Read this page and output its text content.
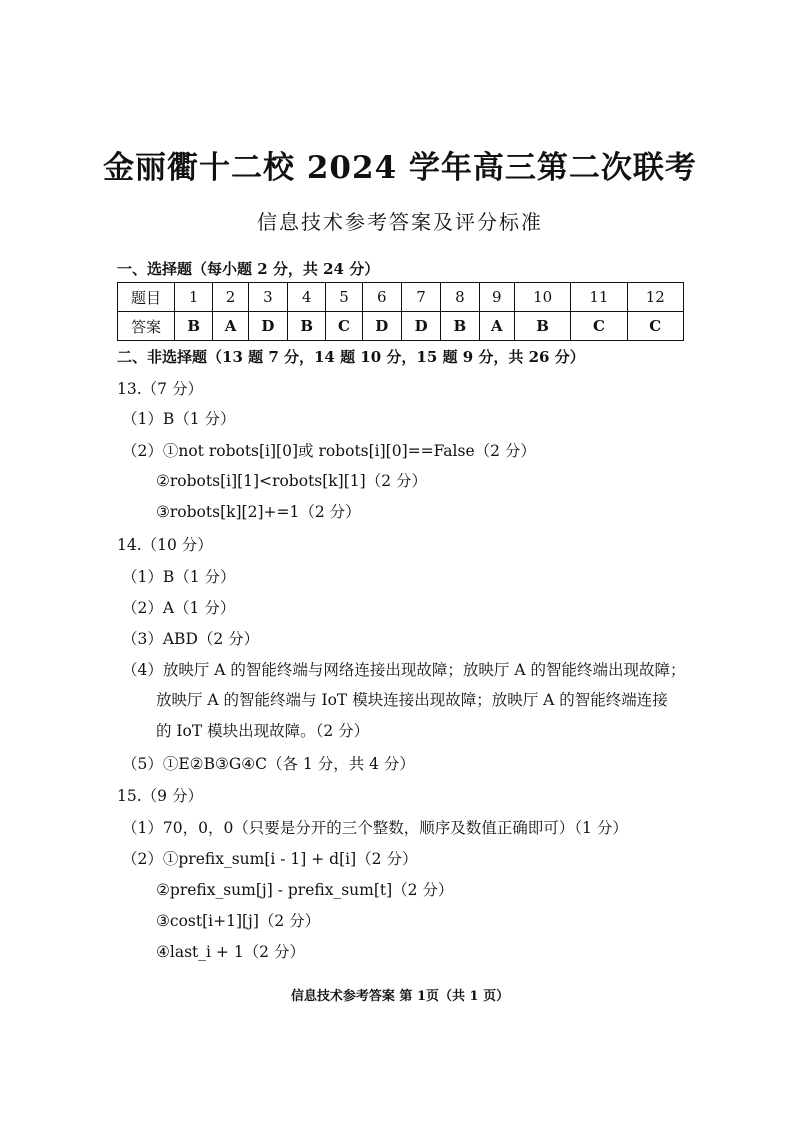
金丽衢十二校 2024 学年高三第二次联考
信息技术参考答案及评分标准
一、选择题（每小题 2 分，共 24 分）
题目	1	2	3	4	5	6	7	8	9	10	11	12
答案	B	A	D	B	C	D	D	B	A	B	C	C
二、非选择题（13 题 7 分，14 题 10 分，15 题 9 分，共 26 分）
13.（7 分）
（1）B（1 分）
（2）①not robots[i][0]或 robots[i][0]==False（2 分）
②robots[i][1]<robots[k][1]（2 分）
③robots[k][2]+=1（2 分）
14.（10 分）
（1）B（1 分）
（2）A（1 分）
（3）ABD（2 分）
（4）放映厅 A 的智能终端与网络连接出现故障；放映厅 A 的智能终端出现故障；
放映厅 A 的智能终端与 IoT 模块连接出现故障；放映厅 A 的智能终端连接
的 IoT 模块出现故障。（2 分）
（5）①E②B③G④C（各 1 分，共 4 分）
15.（9 分）
（1）70，0，0（只要是分开的三个整数，顺序及数值正确即可）（1 分）
（2）①prefix_sum[i - 1] + d[i]（2 分）
②prefix_sum[j] - prefix_sum[t]（2 分）
③cost[i+1][j]（2 分）
④last_i + 1（2 分）
信息技术参考答案 第 1页（共 1 页）
